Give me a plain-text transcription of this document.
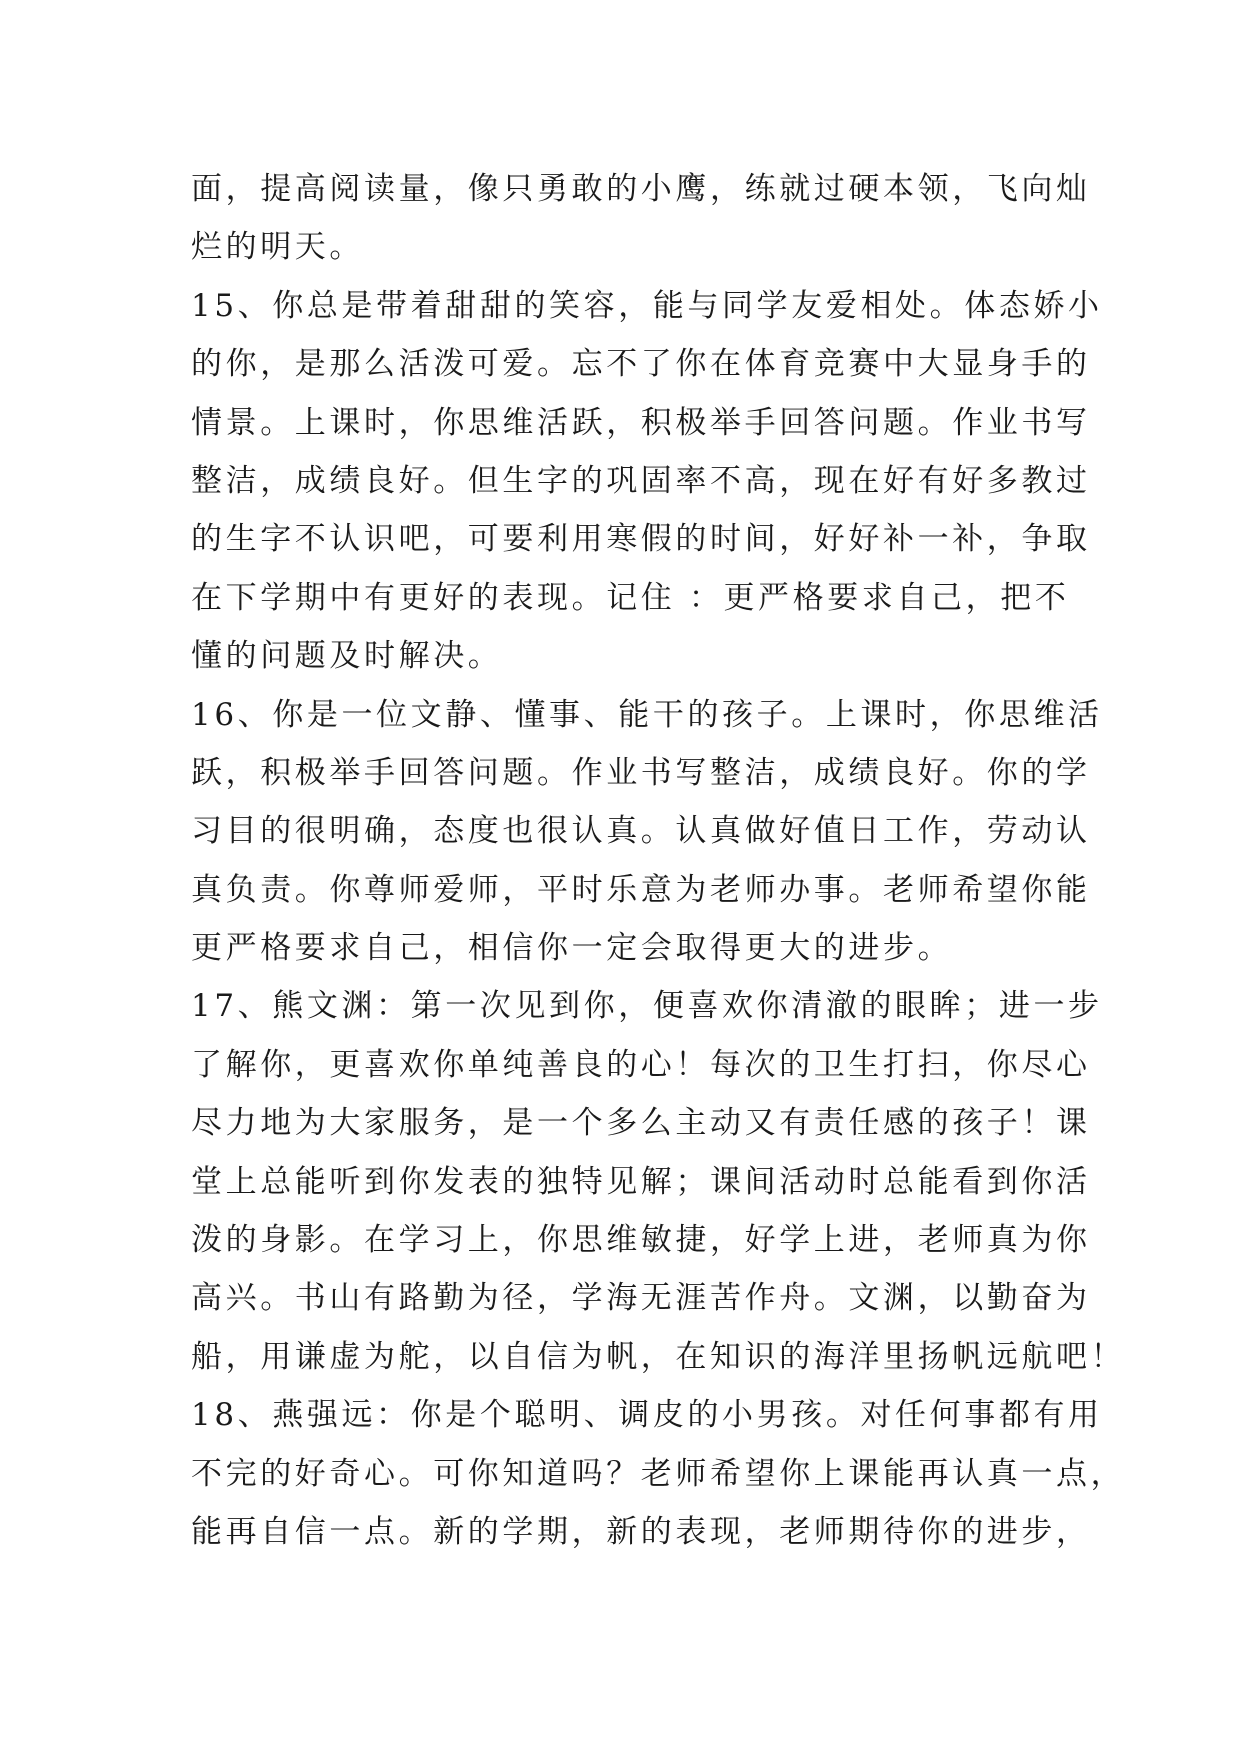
面，提高阅读量，像只勇敢的小鹰，练就过硬本领，飞向灿
烂的明天。
15、你总是带着甜甜的笑容，能与同学友爱相处。体态娇小
的你，是那么活泼可爱。忘不了你在体育竞赛中大显身手的
情景。上课时，你思维活跃，积极举手回答问题。作业书写
整洁，成绩良好。但生字的巩固率不高，现在好有好多教过
的生字不认识吧，可要利用寒假的时间，好好补一补，争取
在下学期中有更好的表现。记住 ：更严格要求自己，把不
懂的问题及时解决。
16、你是一位文静、懂事、能干的孩子。上课时，你思维活
跃，积极举手回答问题。作业书写整洁，成绩良好。你的学
习目的很明确，态度也很认真。认真做好值日工作，劳动认
真负责。你尊师爱师，平时乐意为老师办事。老师希望你能
更严格要求自己，相信你一定会取得更大的进步。
17、熊文渊：第一次见到你，便喜欢你清澈的眼眸；进一步
了解你，更喜欢你单纯善良的心！每次的卫生打扫，你尽心
尽力地为大家服务，是一个多么主动又有责任感的孩子！课
堂上总能听到你发表的独特见解；课间活动时总能看到你活
泼的身影。在学习上，你思维敏捷，好学上进，老师真为你
高兴。书山有路勤为径，学海无涯苦作舟。文渊，以勤奋为
船，用谦虚为舵，以自信为帆，在知识的海洋里扬帆远航吧！
18、燕强远：你是个聪明、调皮的小男孩。对任何事都有用
不完的好奇心。可你知道吗？老师希望你上课能再认真一点，
能再自信一点。新的学期，新的表现，老师期待你的进步，
